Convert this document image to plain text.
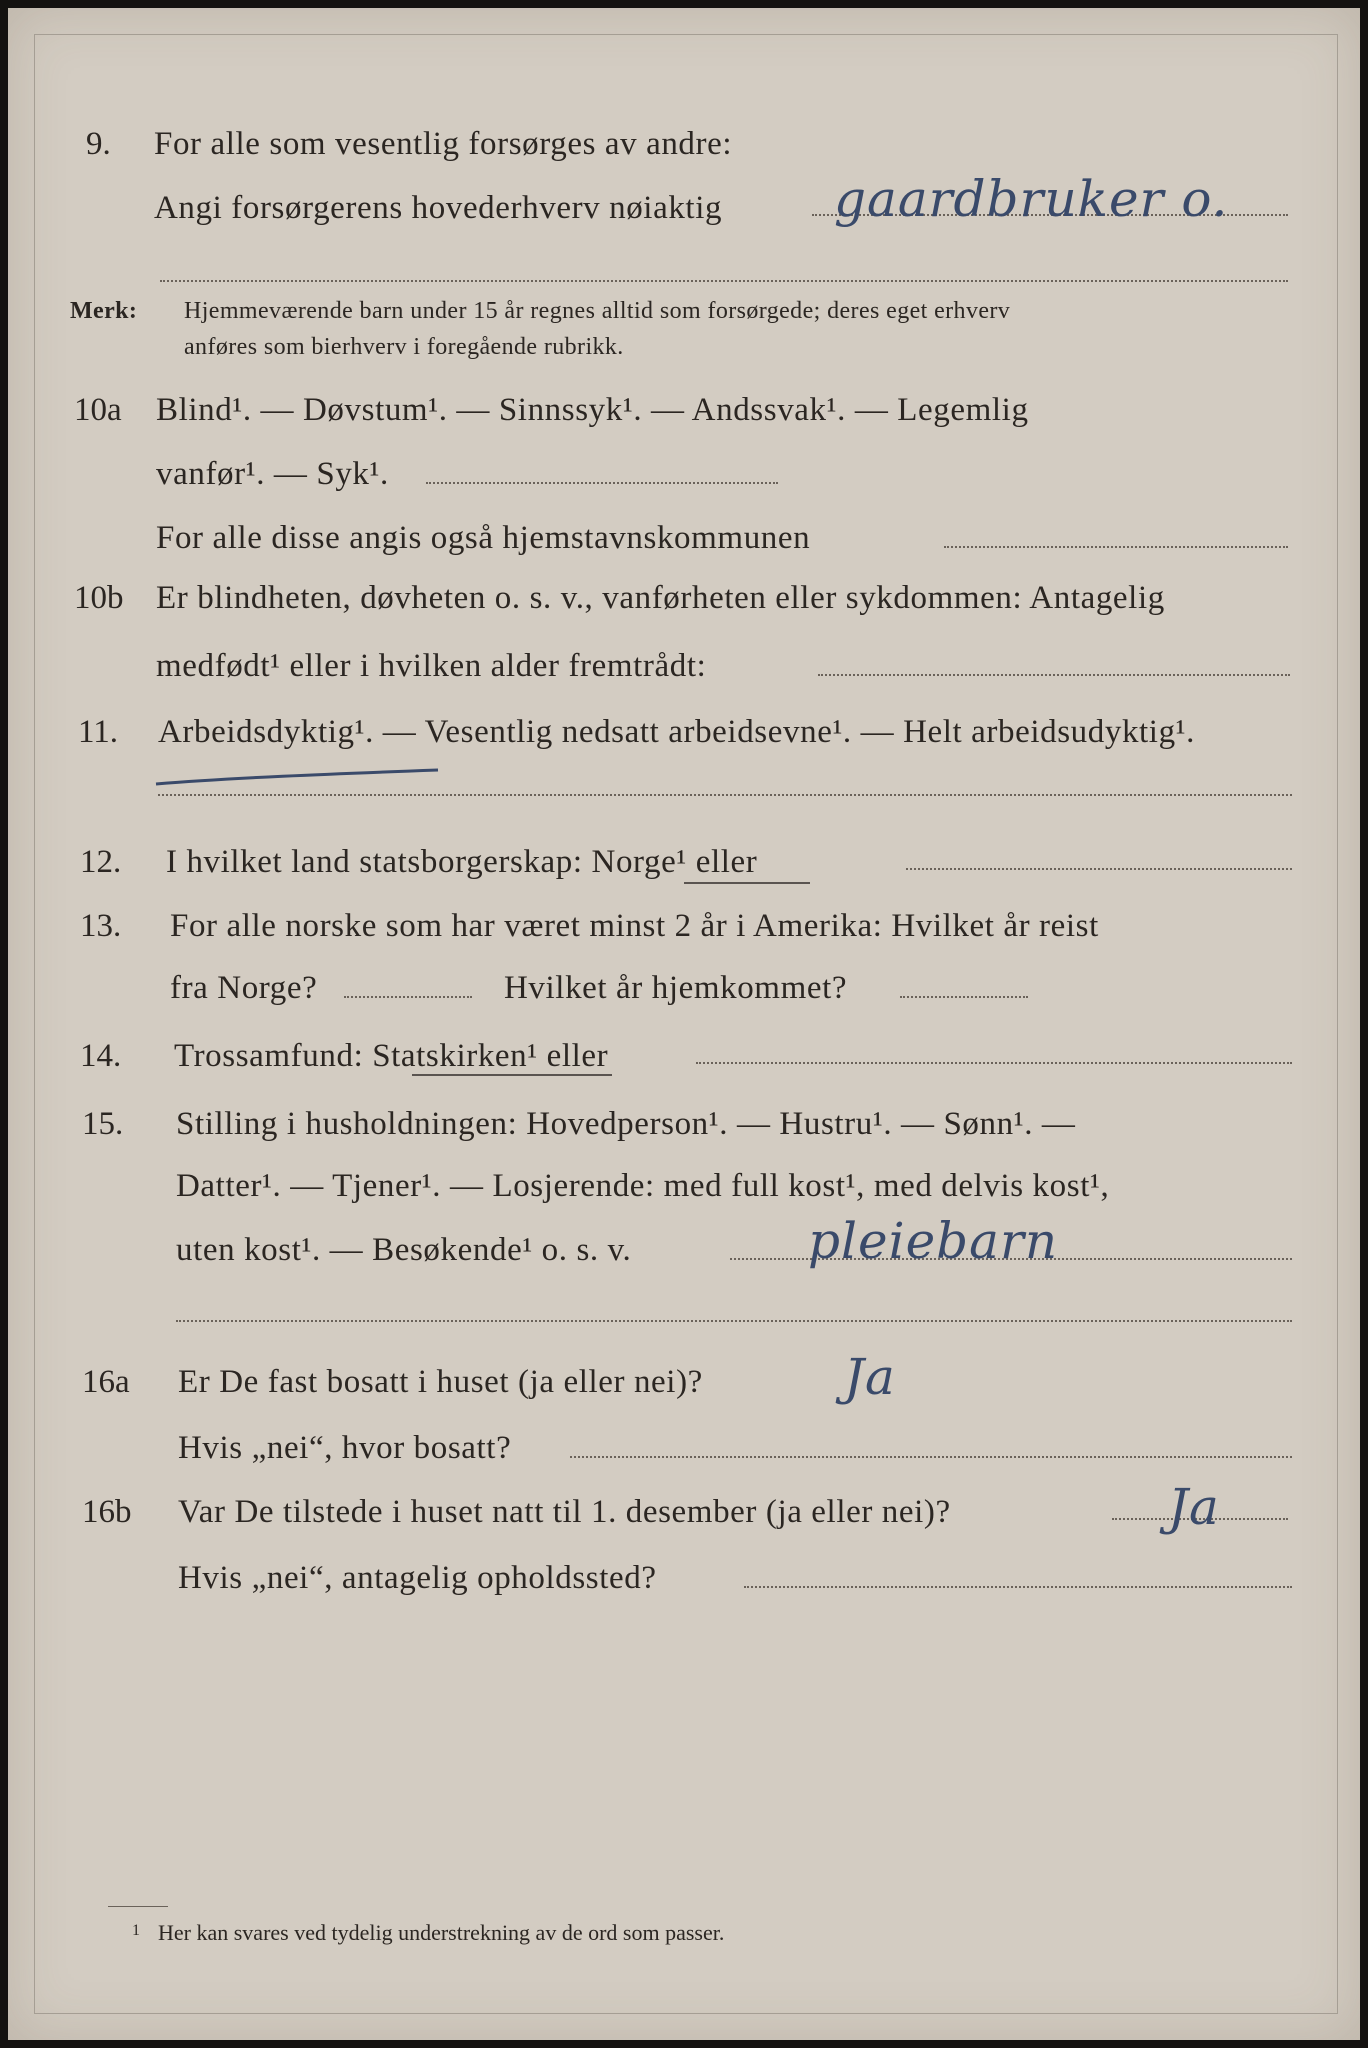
9. For alle som vesentlig forsørges av andre:
Angi forsørgerens hovederhverv nøiaktig gaardbruker o.
Merk: Hjemmeværende barn under 15 år regnes alltid som forsørgede; deres eget erhverv
anføres som bierhverv i foregående rubrikk.
10a Blind¹. — Døvstum¹. — Sinnssyk¹. — Andssvak¹. — Legemlig
vanfør¹. — Syk¹.
For alle disse angis også hjemstavnskommunen
10b Er blindheten, døvheten o. s. v., vanførheten eller sykdommen: Antagelig
medfødt¹ eller i hvilken alder fremtrådt:
11. Arbeidsdyktig¹. — Vesentlig nedsatt arbeidsevne¹. — Helt arbeidsudyktig¹.
12. I hvilket land statsborgerskap: Norge¹ eller
13. For alle norske som har været minst 2 år i Amerika: Hvilket år reist
fra Norge?	Hvilket år hjemkommet?
14. Trossamfund: Statskirken¹ eller
15. Stilling i husholdningen: Hovedperson¹. — Hustru¹. — Sønn¹. —
Datter¹. — Tjener¹. — Losjerende: med full kost¹, med delvis kost¹,
uten kost¹. — Besøkende¹ o. s. v.	pleiebarn
16a Er De fast bosatt i huset (ja eller nei)?	Ja
Hvis „nei“, hvor bosatt?
16b Var De tilstede i huset natt til 1. desember (ja eller nei)?	Ja
Hvis „nei“, antagelig opholdssted?
1 Her kan svares ved tydelig understrekning av de ord som passer.
